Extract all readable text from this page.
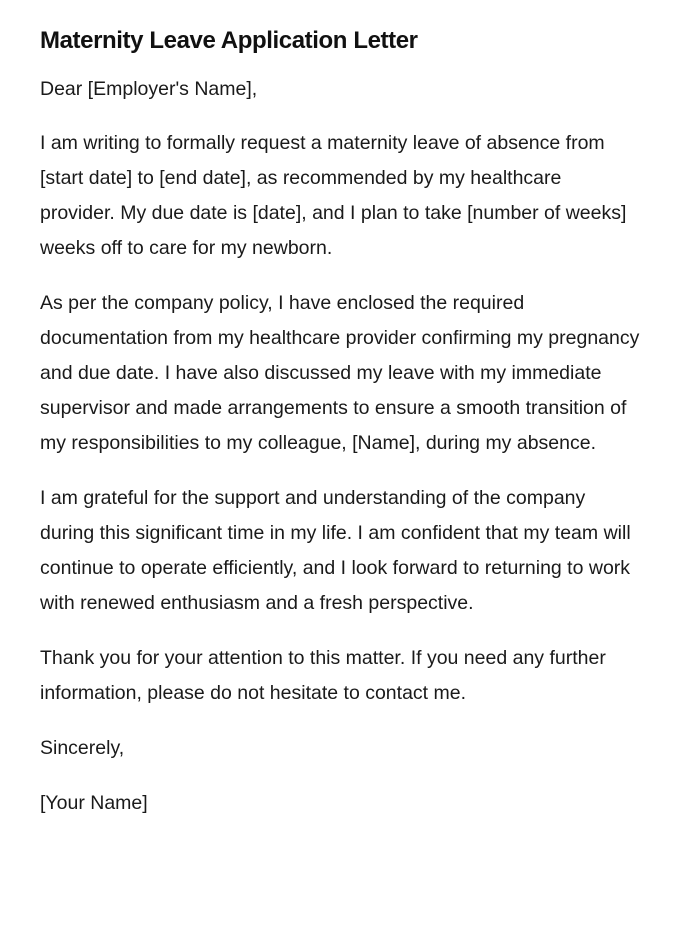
Maternity Leave Application Letter

Dear [Employer's Name],

I am writing to formally request a maternity leave of absence from [start date] to [end date], as recommended by my healthcare provider. My due date is [date], and I plan to take [number of weeks] weeks off to care for my newborn.

As per the company policy, I have enclosed the required documentation from my healthcare provider confirming my pregnancy and due date. I have also discussed my leave with my immediate supervisor and made arrangements to ensure a smooth transition of my responsibilities to my colleague, [Name], during my absence.

I am grateful for the support and understanding of the company during this significant time in my life. I am confident that my team will continue to operate efficiently, and I look forward to returning to work with renewed enthusiasm and a fresh perspective.

Thank you for your attention to this matter. If you need any further information, please do not hesitate to contact me.

Sincerely,

[Your Name]
